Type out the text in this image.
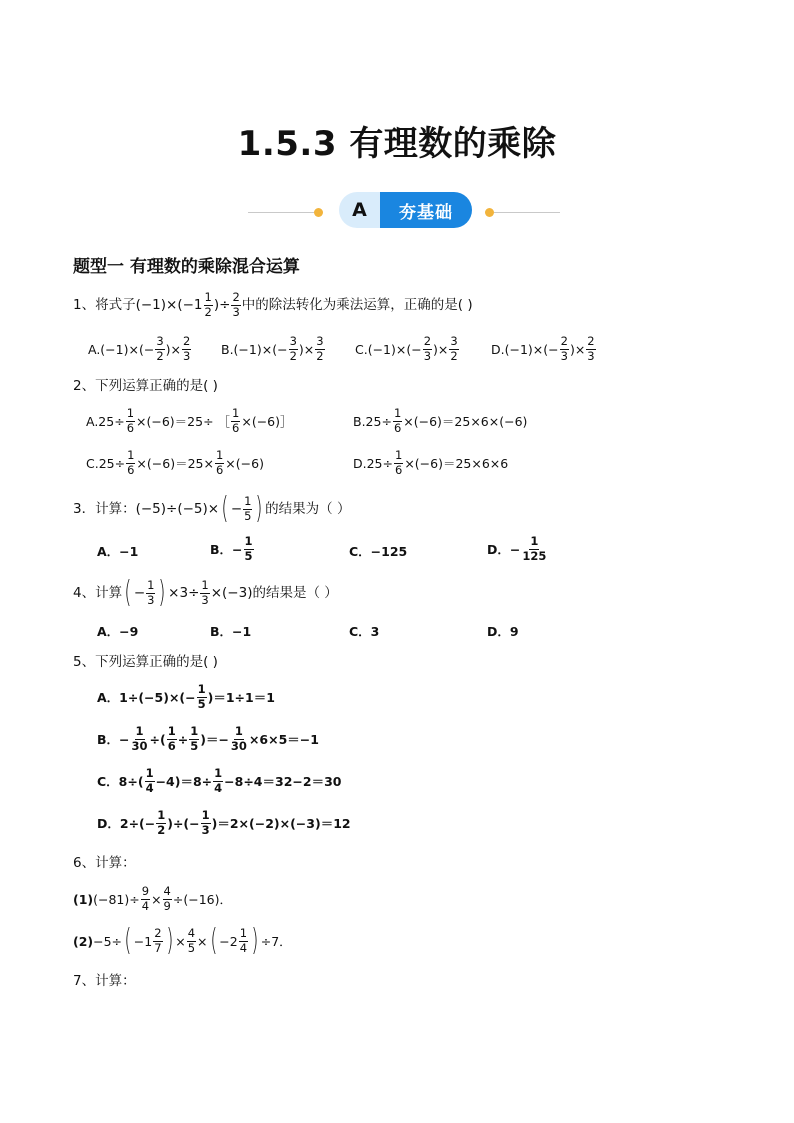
1.5.3 有理数的乘除
A	夯基础
题型一 有理数的乘除混合运算
1、将式子$(-1)\times(-1 \frac{1}{2}$ )÷ $\frac{2}{3}$ 中的除法转化为乘法运算，正确的是( )
$A.(-1)\times(- \frac{3}{2}$ )× $\frac{2}{3} B.(-1)\times(- \frac{3}{2}$ )× $\frac{3}{2} C.(-1)\times(- \frac{2}{3}$ )× $\frac{3}{2}$	$D.(-1)\times(- \frac{2}{3}$ )× $\frac{2}{3}$
2、下列运算正确的是( )
$A.25\div \frac{1}{6} \times(-6)=25\div$ ［ $\frac{1}{6}$ ×(−6)］	$B.25\div \frac{1}{6} \times(-6)=25\times 6\times(-6)$
$C.25\div \frac{1}{6} \times(-6)=25\times \frac{1}{6} \times(-6)$	$D.25\div \frac{1}{6} \times(-6)=25\times 6\times 6$
3．计算：(−5)÷(−5)× ( − $\frac{1}{5}$ ) 的结果为（ ）
A．−1	B．− $\frac{1}{5}$	C．−125	D．− $\frac{1}{125}$
4、计算 ( − $\frac{1}{3}$ ) $\times 3\div \frac{1}{3} \times(-3)$ 的结果是（ ）
A．−9	B．−1	C．3	D．9
5、下列运算正确的是( )
A．$1\div(-5)\times(- \frac{1}{5} )=1\div 1=1$
B．− $\frac{1}{30}$ ÷( $\frac{1}{6} \div \frac{1}{5}$ )＝− $\frac{1}{30} \times 6\times 5=-1$
C．$8\div( \frac{1}{4} -4)=8\div \frac{1}{4} -8\div 4=32-2=30$
D．$2\div(- \frac{1}{2}$ )÷(− $\frac{1}{3} )=2\times(-2)\times(-3)=12$
6、计算：
(1) $(-81)\div \frac{9}{4} \times \frac{4}{9} \div(-16)$．
(2) −5÷ ( $-1 \frac{2}{7}$ ) × $\frac{4}{5}$ × ( $-2 \frac{1}{4}$ ) ÷7．
7、计算：
